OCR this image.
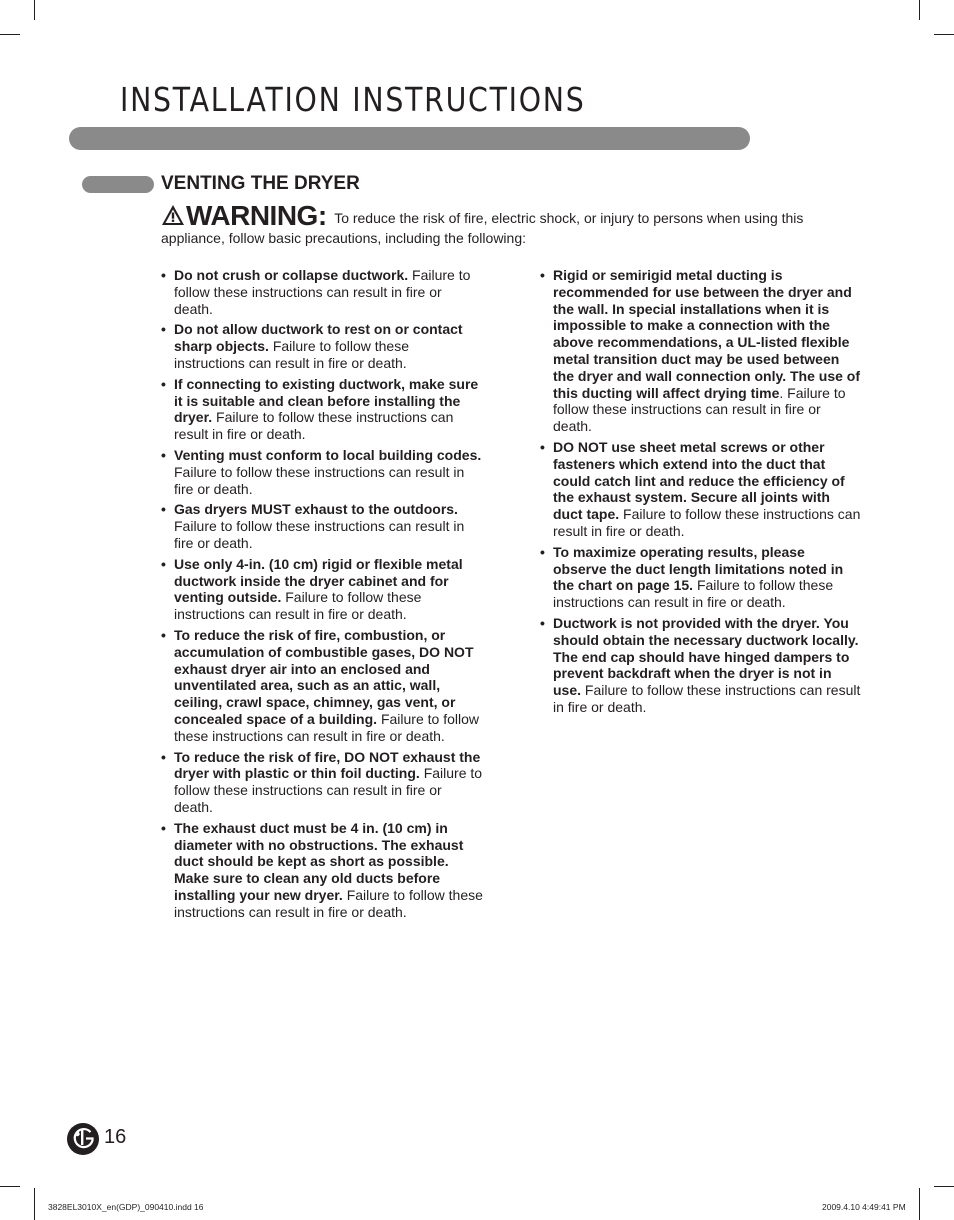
INSTALLATION INSTRUCTIONS
VENTING THE DRYER
WARNING: To reduce the risk of fire, electric shock, or injury to persons when using this appliance, follow basic precautions, including the following:
• Do not crush or collapse ductwork. Failure to follow these instructions can result in fire or death.
• Do not allow ductwork to rest on or contact sharp objects. Failure to follow these instructions can result in fire or death.
• If connecting to existing ductwork, make sure it is suitable and clean before installing the dryer. Failure to follow these instructions can result in fire or death.
• Venting must conform to local building codes. Failure to follow these instructions can result in fire or death.
• Gas dryers MUST exhaust to the outdoors. Failure to follow these instructions can result in fire or death.
• Use only 4-in. (10 cm) rigid or flexible metal ductwork inside the dryer cabinet and for venting outside. Failure to follow these instructions can result in fire or death.
• To reduce the risk of fire, combustion, or accumulation of combustible gases, DO NOT exhaust dryer air into an enclosed and unventilated area, such as an attic, wall, ceiling, crawl space, chimney, gas vent, or concealed space of a building. Failure to follow these instructions can result in fire or death.
• To reduce the risk of fire, DO NOT exhaust the dryer with plastic or thin foil ducting. Failure to follow these instructions can result in fire or death.
• The exhaust duct must be 4 in. (10 cm) in diameter with no obstructions. The exhaust duct should be kept as short as possible. Make sure to clean any old ducts before installing your new dryer. Failure to follow these instructions can result in fire or death.
• Rigid or semirigid metal ducting is recommended for use between the dryer and the wall. In special installations when it is impossible to make a connection with the above recommendations, a UL-listed flexible metal transition duct may be used between the dryer and wall connection only. The use of this ducting will affect drying time. Failure to follow these instructions can result in fire or death.
• DO NOT use sheet metal screws or other fasteners which extend into the duct that could catch lint and reduce the efficiency of the exhaust system. Secure all joints with duct tape. Failure to follow these instructions can result in fire or death.
• To maximize operating results, please observe the duct length limitations noted in the chart on page 15. Failure to follow these instructions can result in fire or death.
• Ductwork is not provided with the dryer. You should obtain the necessary ductwork locally. The end cap should have hinged dampers to prevent backdraft when the dryer is not in use. Failure to follow these instructions can result in fire or death.
16
3828EL3010X_en(GDP)_090410.indd 16	2009.4.10 4:49:41 PM
